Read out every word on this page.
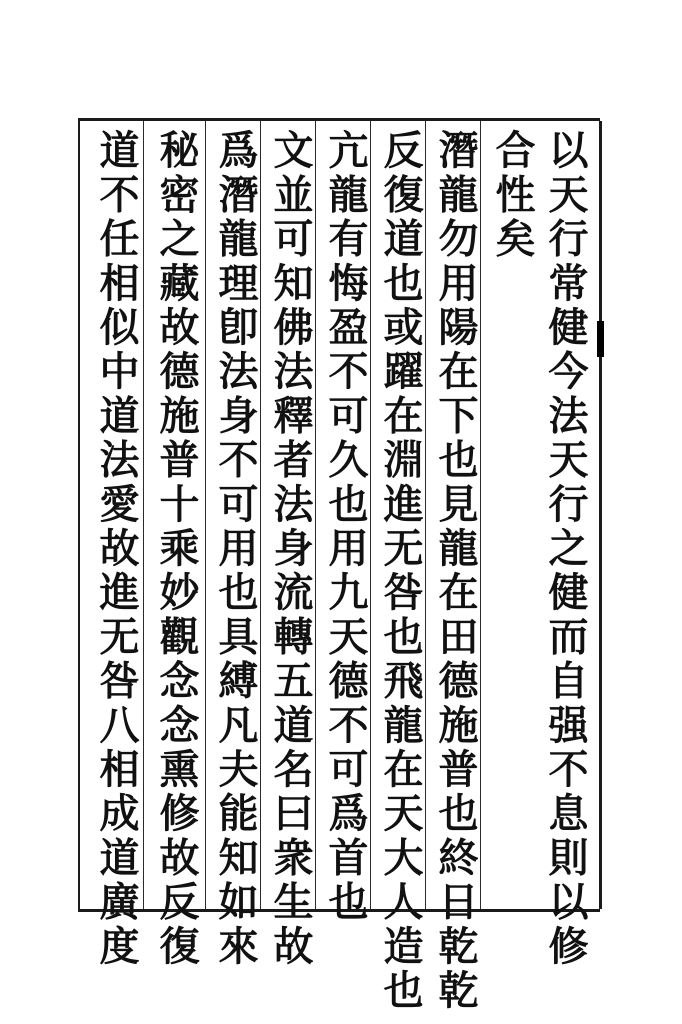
以天行常健今法天行之健而自强不息則以修
合性矣
潛龍勿用陽在下也見龍在田德施普也終日乾乾
反復道也或躍在淵進无咎也飛龍在天大人造也
亢龍有悔盈不可久也用九天德不可爲首也
文並可知佛法釋者法身流轉五道名曰衆生故
爲潛龍理卽法身不可用也具縛凡夫能知如來
秘密之藏故德施普十乘妙觀念念熏修故反復
道不任相似中道法愛故進无咎八相成道廣度
